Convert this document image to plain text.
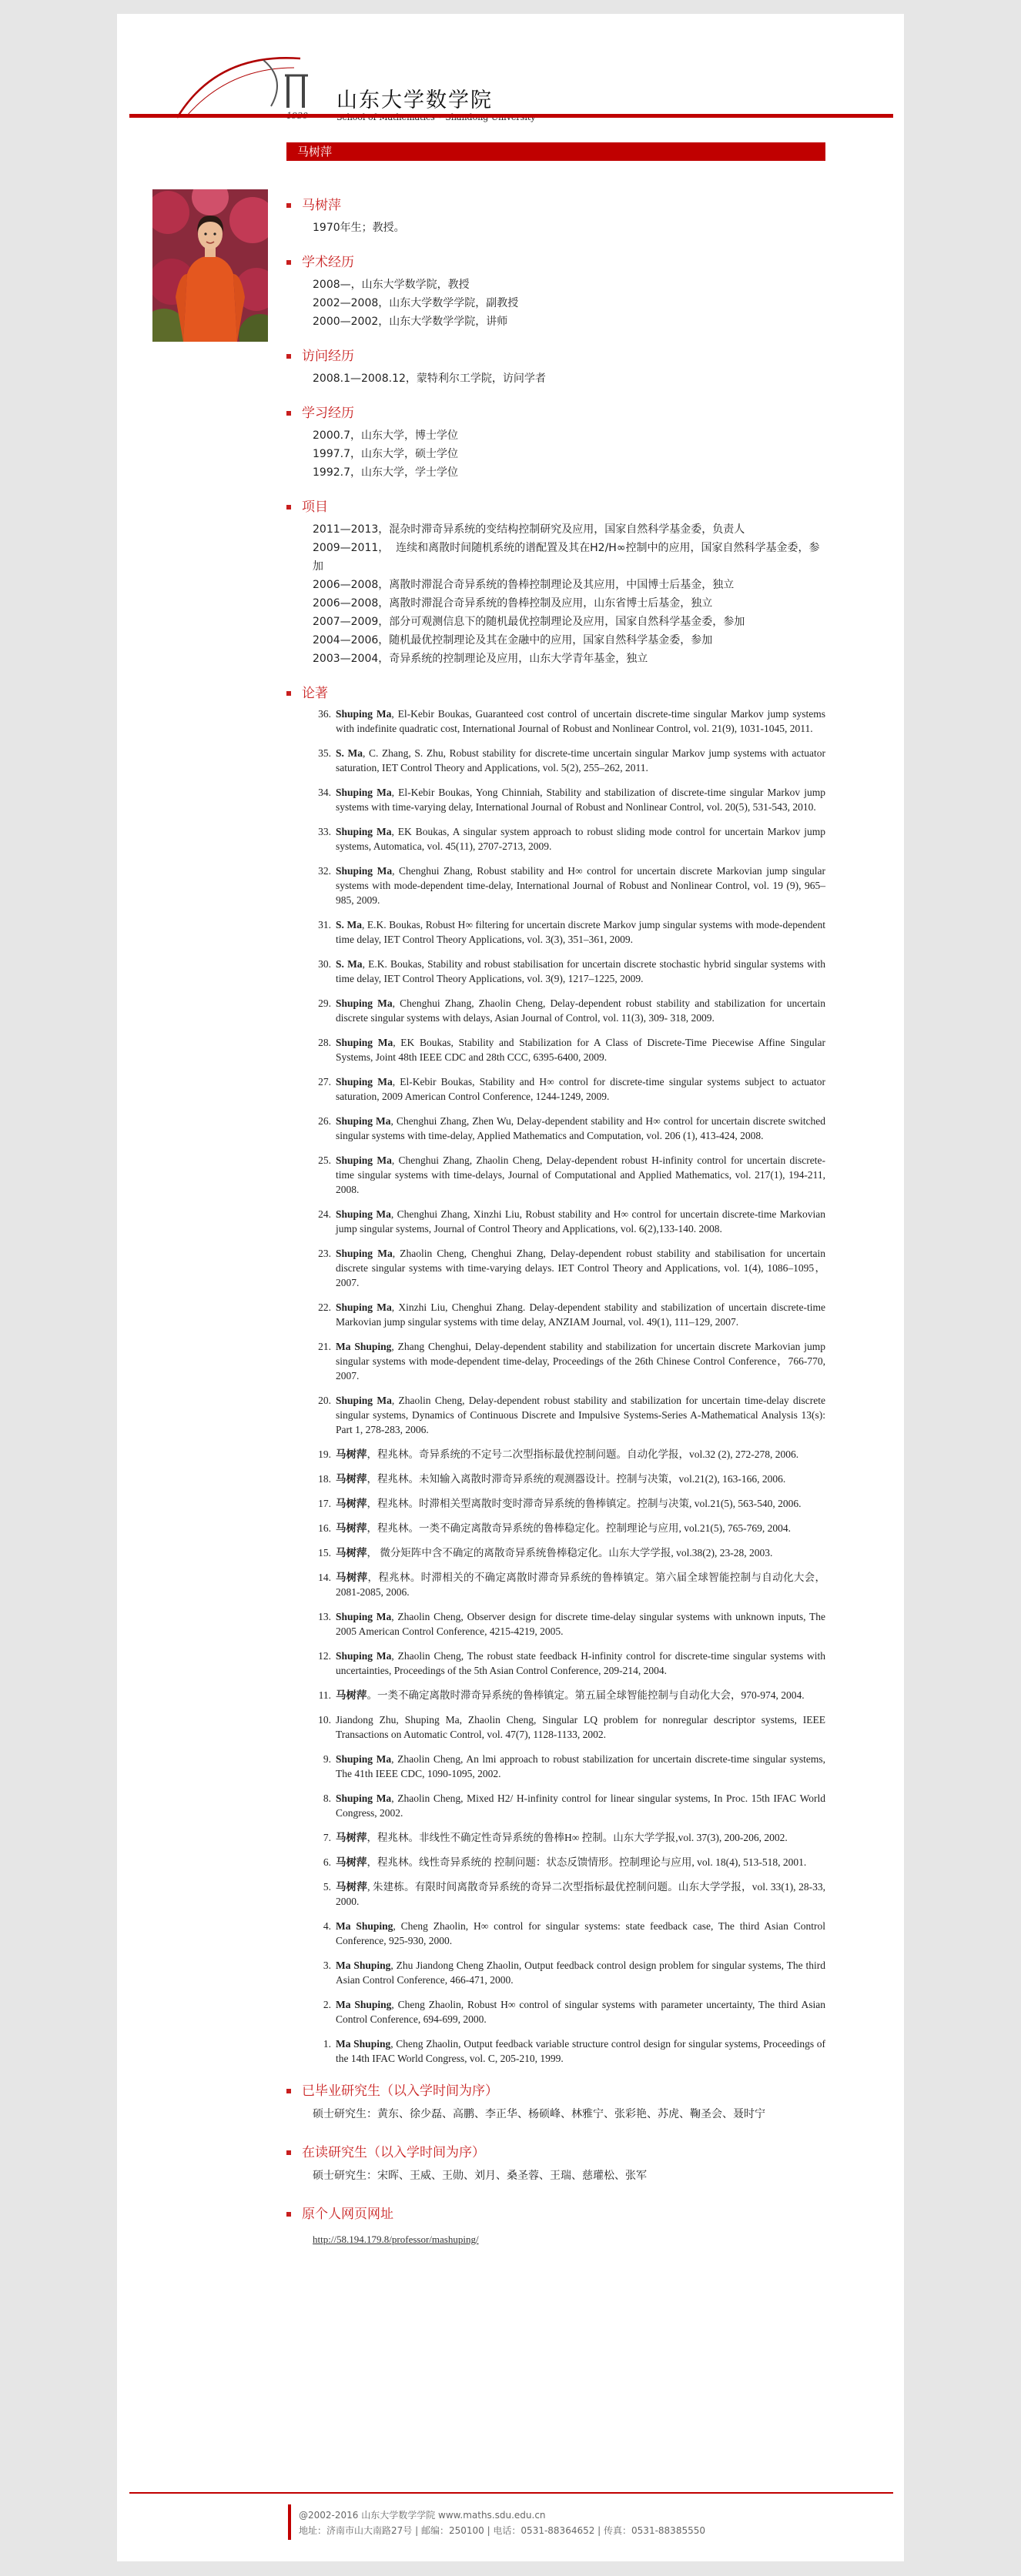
山东大学数学院
马树萍
马树萍
1970年生；教授。
学术经历
2008—，山东大学数学院，教授
2002—2008，山东大学数学学院，副教授
2000—2002，山东大学数学学院，讲师
访问经历
2008.1—2008.12，蒙特利尔工学院，访问学者
学习经历
2000.7，山东大学，博士学位
1997.7，山东大学，硕士学位
1992.7，山东大学，学士学位
项目
2011—2013，混杂时滞奇异系统的变结构控制研究及应用，国家自然科学基金委，负责人
2009—2011，  连续和离散时间随机系统的谱配置及其在H2/H∞控制中的应用，国家自然科学基金委，参加
2006—2008，离散时滞混合奇异系统的鲁棒控制理论及其应用，中国博士后基金，独立
2006—2008，离散时滞混合奇异系统的鲁棒控制及应用，山东省博士后基金，独立
2007—2009，部分可观测信息下的随机最优控制理论及应用，国家自然科学基金委，参加
2004—2006，随机最优控制理论及其在金融中的应用，国家自然科学基金委，参加
2003—2004，奇异系统的控制理论及应用，山东大学青年基金，独立
论著
36. Shuping Ma, El-Kebir Boukas, Guaranteed cost control of uncertain discrete-time singular Markov jump systems with indefinite quadratic cost, International Journal of Robust and Nonlinear Control, vol. 21(9), 1031-1045, 2011.
35. S. Ma, C. Zhang, S. Zhu, Robust stability for discrete-time uncertain singular Markov jump systems with actuator saturation, IET Control Theory and Applications, vol. 5(2), 255–262, 2011.
34. Shuping Ma, El-Kebir Boukas, Yong Chinniah, Stability and stabilization of discrete-time singular Markov jump systems with time-varying delay, International Journal of Robust and Nonlinear Control, vol. 20(5), 531-543, 2010.
33. Shuping Ma, EK Boukas, A singular system approach to robust sliding mode control for uncertain Markov jump systems, Automatica, vol. 45(11), 2707-2713, 2009.
32. Shuping Ma, Chenghui Zhang, Robust stability and H∞ control for uncertain discrete Markovian jump singular systems with mode-dependent time-delay, International Journal of Robust and Nonlinear Control, vol. 19 (9), 965–985, 2009.
31. S. Ma, E.K. Boukas, Robust H∞ filtering for uncertain discrete Markov jump singular systems with mode-dependent time delay, IET Control Theory Applications, vol. 3(3), 351–361, 2009.
30. S. Ma, E.K. Boukas, Stability and robust stabilisation for uncertain discrete stochastic hybrid singular systems with time delay, IET Control Theory Applications, vol. 3(9), 1217–1225, 2009.
29. Shuping Ma, Chenghui Zhang, Zhaolin Cheng, Delay-dependent robust stability and stabilization for uncertain discrete singular systems with delays, Asian Journal of Control, vol. 11(3), 309- 318, 2009.
28. Shuping Ma, EK Boukas, Stability and Stabilization for A Class of Discrete-Time Piecewise Affine Singular Systems, Joint 48th IEEE CDC and 28th CCC, 6395-6400, 2009.
27. Shuping Ma, El-Kebir Boukas, Stability and H∞ control for discrete-time singular systems subject to actuator saturation, 2009 American Control Conference, 1244-1249, 2009.
26. Shuping Ma, Chenghui Zhang, Zhen Wu, Delay-dependent stability and H∞ control for uncertain discrete switched singular systems with time-delay, Applied Mathematics and Computation, vol. 206 (1), 413-424, 2008.
25. Shuping Ma, Chenghui Zhang, Zhaolin Cheng, Delay-dependent robust H-infinity control for uncertain discrete-time singular systems with time-delays, Journal of Computational and Applied Mathematics, vol. 217(1), 194-211, 2008.
24. Shuping Ma, Chenghui Zhang, Xinzhi Liu, Robust stability and H∞ control for uncertain discrete-time Markovian jump singular systems, Journal of Control Theory and Applications, vol. 6(2),133-140. 2008.
23. Shuping Ma, Zhaolin Cheng, Chenghui Zhang, Delay-dependent robust stability and stabilisation for uncertain discrete singular systems with time-varying delays. IET Control Theory and Applications, vol. 1(4), 1086–1095，2007.
22. Shuping Ma, Xinzhi Liu, Chenghui Zhang. Delay-dependent stability and stabilization of uncertain discrete-time Markovian jump singular systems with time delay, ANZIAM Journal, vol. 49(1), 111–129, 2007.
21. Ma Shuping, Zhang Chenghui, Delay-dependent stability and stabilization for uncertain discrete Markovian jump singular systems with mode-dependent time-delay, Proceedings of the 26th Chinese Control Conference，766-770, 2007.
20. Shuping Ma, Zhaolin Cheng, Delay-dependent robust stability and stabilization for uncertain time-delay discrete singular systems, Dynamics of Continuous Discrete and Impulsive Systems-Series A-Mathematical Analysis 13(s): Part 1, 278-283, 2006.
19. 马树萍，程兆林。奇异系统的不定号二次型指标最优控制问题。自动化学报，vol.32 (2), 272-278, 2006.
18. 马树萍，程兆林。未知输入离散时滞奇异系统的观测器设计。控制与决策，vol.21(2), 163-166, 2006.
17. 马树萍，程兆林。时滞相关型离散时变时滞奇异系统的鲁棒镇定。控制与决策, vol.21(5), 563-540, 2006.
16. 马树萍，程兆林。一类不确定离散奇异系统的鲁棒稳定化。控制理论与应用, vol.21(5), 765-769, 2004.
15. 马树萍， 微分矩阵中含不确定的离散奇异系统鲁棒稳定化。山东大学学报, vol.38(2), 23-28, 2003.
14. 马树萍，程兆林。时滞相关的不确定离散时滞奇异系统的鲁棒镇定。第六届全球智能控制与自动化大会，2081-2085, 2006.
13. Shuping Ma, Zhaolin Cheng, Observer design for discrete time-delay singular systems with unknown inputs, The 2005 American Control Conference, 4215-4219, 2005.
12. Shuping Ma, Zhaolin Cheng, The robust state feedback H-infinity control for discrete-time singular systems with uncertainties, Proceedings of the 5th Asian Control Conference, 209-214, 2004.
11. 马树萍。一类不确定离散时滞奇异系统的鲁棒镇定。第五届全球智能控制与自动化大会，970-974, 2004.
10. Jiandong Zhu, Shuping Ma, Zhaolin Cheng, Singular LQ problem for nonregular descriptor systems, IEEE Transactions on Automatic Control, vol. 47(7), 1128-1133, 2002.
9. Shuping Ma, Zhaolin Cheng, An lmi approach to robust stabilization for uncertain discrete-time singular systems, The 41th IEEE CDC, 1090-1095, 2002.
8. Shuping Ma, Zhaolin Cheng, Mixed H2/ H-infinity control for linear singular systems, In Proc. 15th IFAC World Congress, 2002.
7. 马树萍，程兆林。非线性不确定性奇异系统的鲁棒H∞ 控制。山东大学学报,vol. 37(3), 200-206, 2002.
6. 马树萍，程兆林。线性奇异系统的 控制问题：状态反馈情形。控制理论与应用, vol. 18(4), 513-518, 2001.
5. 马树萍, 朱建栋。有限时间离散奇异系统的奇异二次型指标最优控制问题。山东大学学报，vol. 33(1), 28-33, 2000.
4. Ma Shuping, Cheng Zhaolin, H∞ control for singular systems: state feedback case, The third Asian Control Conference, 925-930, 2000.
3. Ma Shuping, Zhu Jiandong Cheng Zhaolin, Output feedback control design problem for singular systems, The third Asian Control Conference, 466-471, 2000.
2. Ma Shuping, Cheng Zhaolin, Robust H∞ control of singular systems with parameter uncertainty, The third Asian Control Conference, 694-699, 2000.
1. Ma Shuping, Cheng Zhaolin, Output feedback variable structure control design for singular systems, Proceedings of the 14th IFAC World Congress, vol. C, 205-210, 1999.
已毕业研究生（以入学时间为序）
硕士研究生：黄东、徐少磊、高鹏、李正华、杨硕峰、林雅宁、张彩艳、苏虎、鞠圣会、聂时宁
在读研究生（以入学时间为序）
硕士研究生：宋晖、王威、王勋、刘月、桑圣蓉、王瑞、慈瓘松、张军
原个人网页网址
http://58.194.179.8/professor/mashuping/
@2002-2016 山东大学数学学院 www.maths.sdu.edu.cn
地址：济南市山大南路27号 | 邮编：250100 | 电话：0531-88364652 | 传真：0531-88385550
